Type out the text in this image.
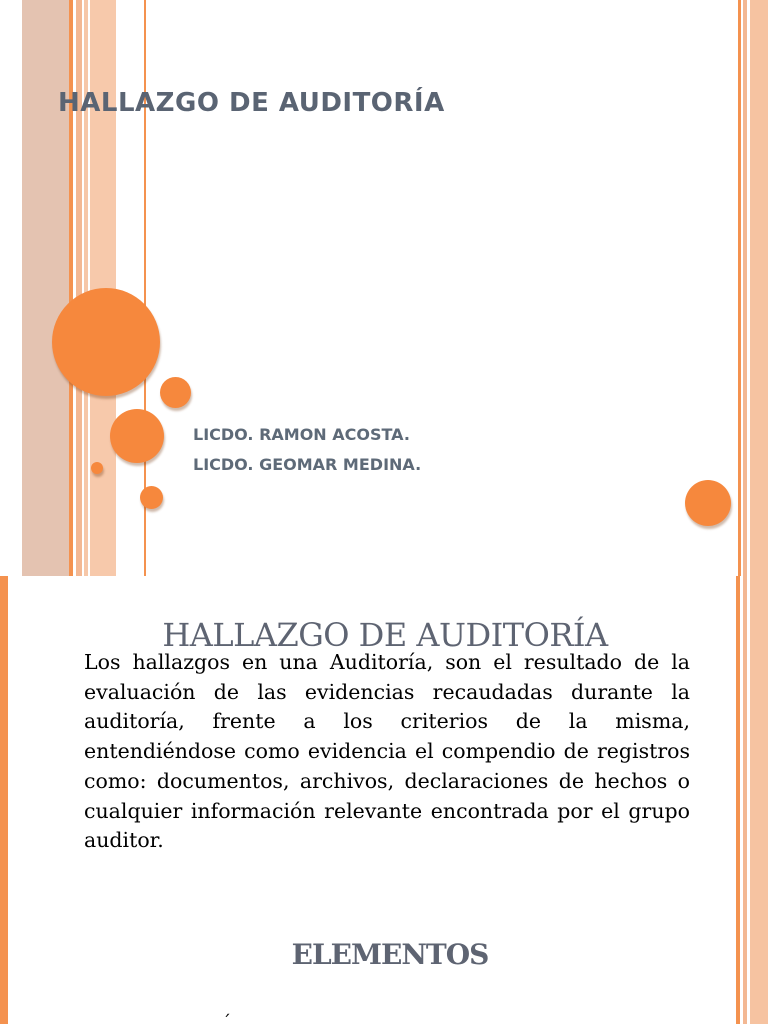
HALLAZGO DE AUDITORÍA
LICDO. RAMON ACOSTA.
LICDO. GEOMAR MEDINA.
HALLAZGO DE AUDITORÍA

Los hallazgos en una Auditoría, son el resultado de la evaluación de las evidencias recaudadas durante la auditoría, frente a los criterios de la misma, entendiéndose como evidencia el compendio de registros como: documentos, archivos, declaraciones de hechos o cualquier información relevante encontrada por el grupo auditor.

ELEMENTOS
´
